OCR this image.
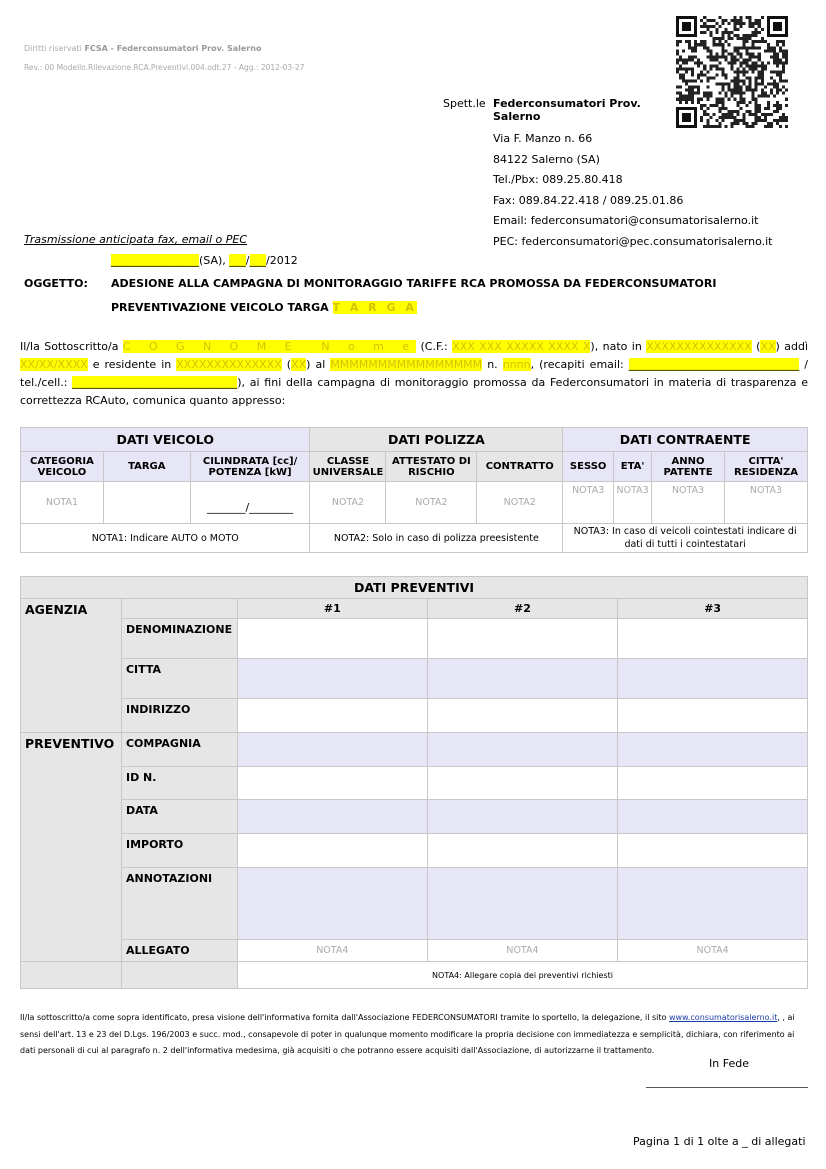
Diritti riservati FCSA - Federconsumatori Prov. Salerno
Rev.: 00 Modello.Rilevazione.RCA.Preventivi.004.odt.27 - Agg.: 2012-03-27
Spett.le Federconsumatori Prov. Salerno
Via F. Manzo n. 66
84122 Salerno (SA)
Tel./Pbx: 089.25.80.418
Fax: 089.84.22.418 / 089.25.01.86
Email: federconsumatori@consumatorisalerno.it
PEC: federconsumatori@pec.consumatorisalerno.it
Trasmissione anticipata fax, email o PEC
________________(SA), ___/___/2012
OGGETTO: ADESIONE ALLA CAMPAGNA DI MONITORAGGIO TARIFFE RCA PROMOSSA DA FEDERCONSUMATORI
PREVENTIVAZIONE VEICOLO TARGA T A R G A
Il/la Sottoscritto/a C O G N O M E  N o m e (C.F.: XXX XXX XXXXX XXXX X), nato in XXXXXXXXXXXXXX (XX) addì XX/XX/XXXX e residente in XXXXXXXXXXXXXX (XX) al MMMMMMMMMMMMMMMM n. nnnn, (recapiti email: _______________________________ / tel./cell.: ______________________________), ai fini della campagna di monitoraggio promossa da Federconsumatori in materia di trasparenza e correttezza RCAuto, comunica quanto appresso:
DATI VEICOLO			DATI POLIZZA			DATI CONTRAENTE			
CATEGORIA VEICOLO	TARGA	CILINDRATA [cc]/ POTENZA [kW]	CLASSE UNIVERSALE	ATTESTATO DI RISCHIO	CONTRATTO	SESSO	ETA'	ANNO PATENTE	CITTA' RESIDENZA
NOTA1		_______/________	NOTA2	NOTA2	NOTA2	NOTA3	NOTA3	NOTA3	NOTA3
NOTA1: Indicare AUTO o MOTO			NOTA2: Solo in caso di polizza preesistente			NOTA3: In caso di veicoli cointestati indicare di dati di tutti i cointestatari			
DATI PREVENTIVI				
AGENZIA		#1	#2	#3
	DENOMINAZIONE			
	CITTA			
	INDIRIZZO			
PREVENTIVO	COMPAGNIA			
	ID N.			
	DATA			
	IMPORTO			
	ANNOTAZIONI			
	ALLEGATO	NOTA4	NOTA4	NOTA4
		NOTA4: Allegare copia dei preventivi richiesti		
Il/la sottoscritto/a come sopra identificato, presa visione dell'informativa fornita dall'Associazione FEDERCONSUMATORI tramite lo sportello, la delegazione, il sito www.consumatorisalerno.it, , ai sensi dell'art. 13 e 23 del D.Lgs. 196/2003 e succ. mod., consapevole di poter in qualunque momento modificare la propria decisione con immediatezza e semplicità, dichiara, con riferimento ai dati personali di cui al paragrafo n. 2 dell'informativa medesima, già acquisiti o che potranno essere acquisiti dall'Associazione, di autorizzarne il trattamento.
In Fede
Pagina 1 di 1 olte a _ di allegati
